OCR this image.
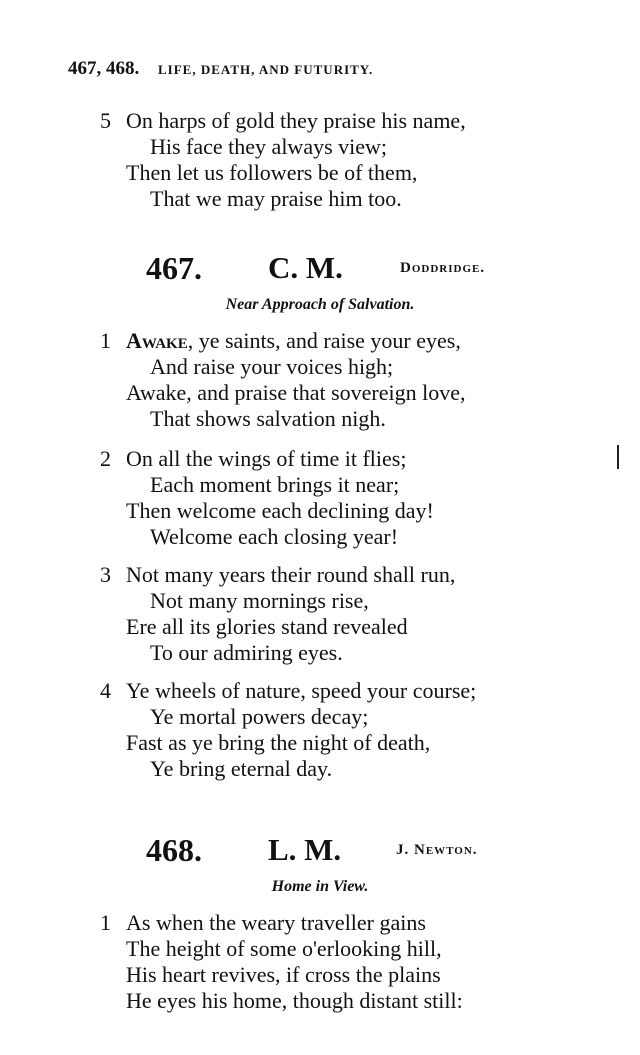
467, 468. LIFE, DEATH, AND FUTURITY.
5 On harps of gold they praise his name,
His face they always view;
Then let us followers be of them,
That we may praise him too.
467. C. M.	Doddridge.
Near Approach of Salvation.
1 Awake, ye saints, and raise your eyes,
And raise your voices high;
Awake, and praise that sovereign love,
That shows salvation nigh.
2 On all the wings of time it flies;
Each moment brings it near;
Then welcome each declining day!
Welcome each closing year!
3 Not many years their round shall run,
Not many mornings rise,
Ere all its glories stand revealed
To our admiring eyes.
4 Ye wheels of nature, speed your course;
Ye mortal powers decay;
Fast as ye bring the night of death,
Ye bring eternal day.
468. L. M.	J. Newton.
Home in View.
1 As when the weary traveller gains
The height of some o'erlooking hill,
His heart revives, if cross the plains
He eyes his home, though distant still:
